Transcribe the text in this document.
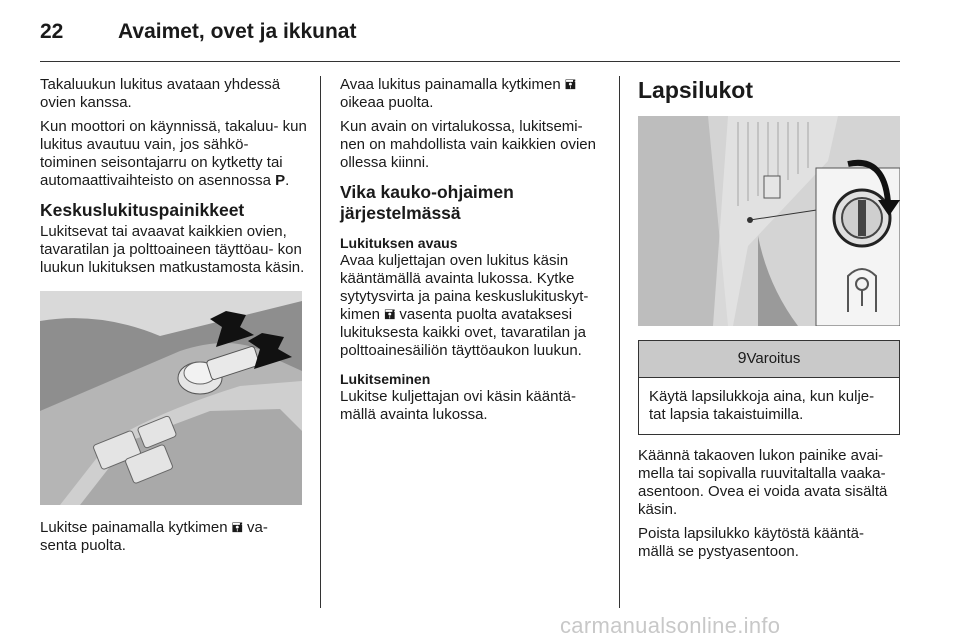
22	Avaimet, ovet ja ikkunat

Takaluukun lukitus avataan yhdessä ovien kanssa.

Kun moottori on käynnissä, takaluu- kun lukitus avautuu vain, jos sähkö- toiminen seisontajarru on kytketty tai automaattivaihteisto on asennossa P.

Keskuslukituspainikkeet

Lukitsevat tai avaavat kaikkien ovien, tavaratilan ja polttoaineen täyttöau- kon luukun lukituksen matkustamosta käsin.

Lukitse painamalla kytkimen 🖬 va- senta puolta.

Avaa lukitus painamalla kytkimen 🖬 oikeaa puolta.

Kun avain on virtalukossa, lukitsemi- nen on mahdollista vain kaikkien ovien ollessa kiinni.

Vika kauko-ohjaimen järjestelmässä
Lukituksen avaus

Avaa kuljettajan oven lukitus käsin kääntämällä avainta lukossa. Kytke sytytysvirta ja paina keskuslukituskyt- kimen 🖬 vasenta puolta avataksesi lukituksesta kaikki ovet, tavaratilan ja polttoainesäiliön täyttöaukon luukun.

Lukitseminen

Lukitse kuljettajan ovi käsin kääntä- mällä avainta lukossa.

Lapsilukot
9Varoitus
Käytä lapsilukkoja aina, kun kulje- tat lapsia takaistuimilla.

Käännä takaoven lukon painike avai- mella tai sopivalla ruuvitaltalla vaaka- asentoon. Ovea ei voida avata sisältä käsin.

Poista lapsilukko käytöstä kääntä- mällä se pystyasentoon.

carmanualsonline.info
